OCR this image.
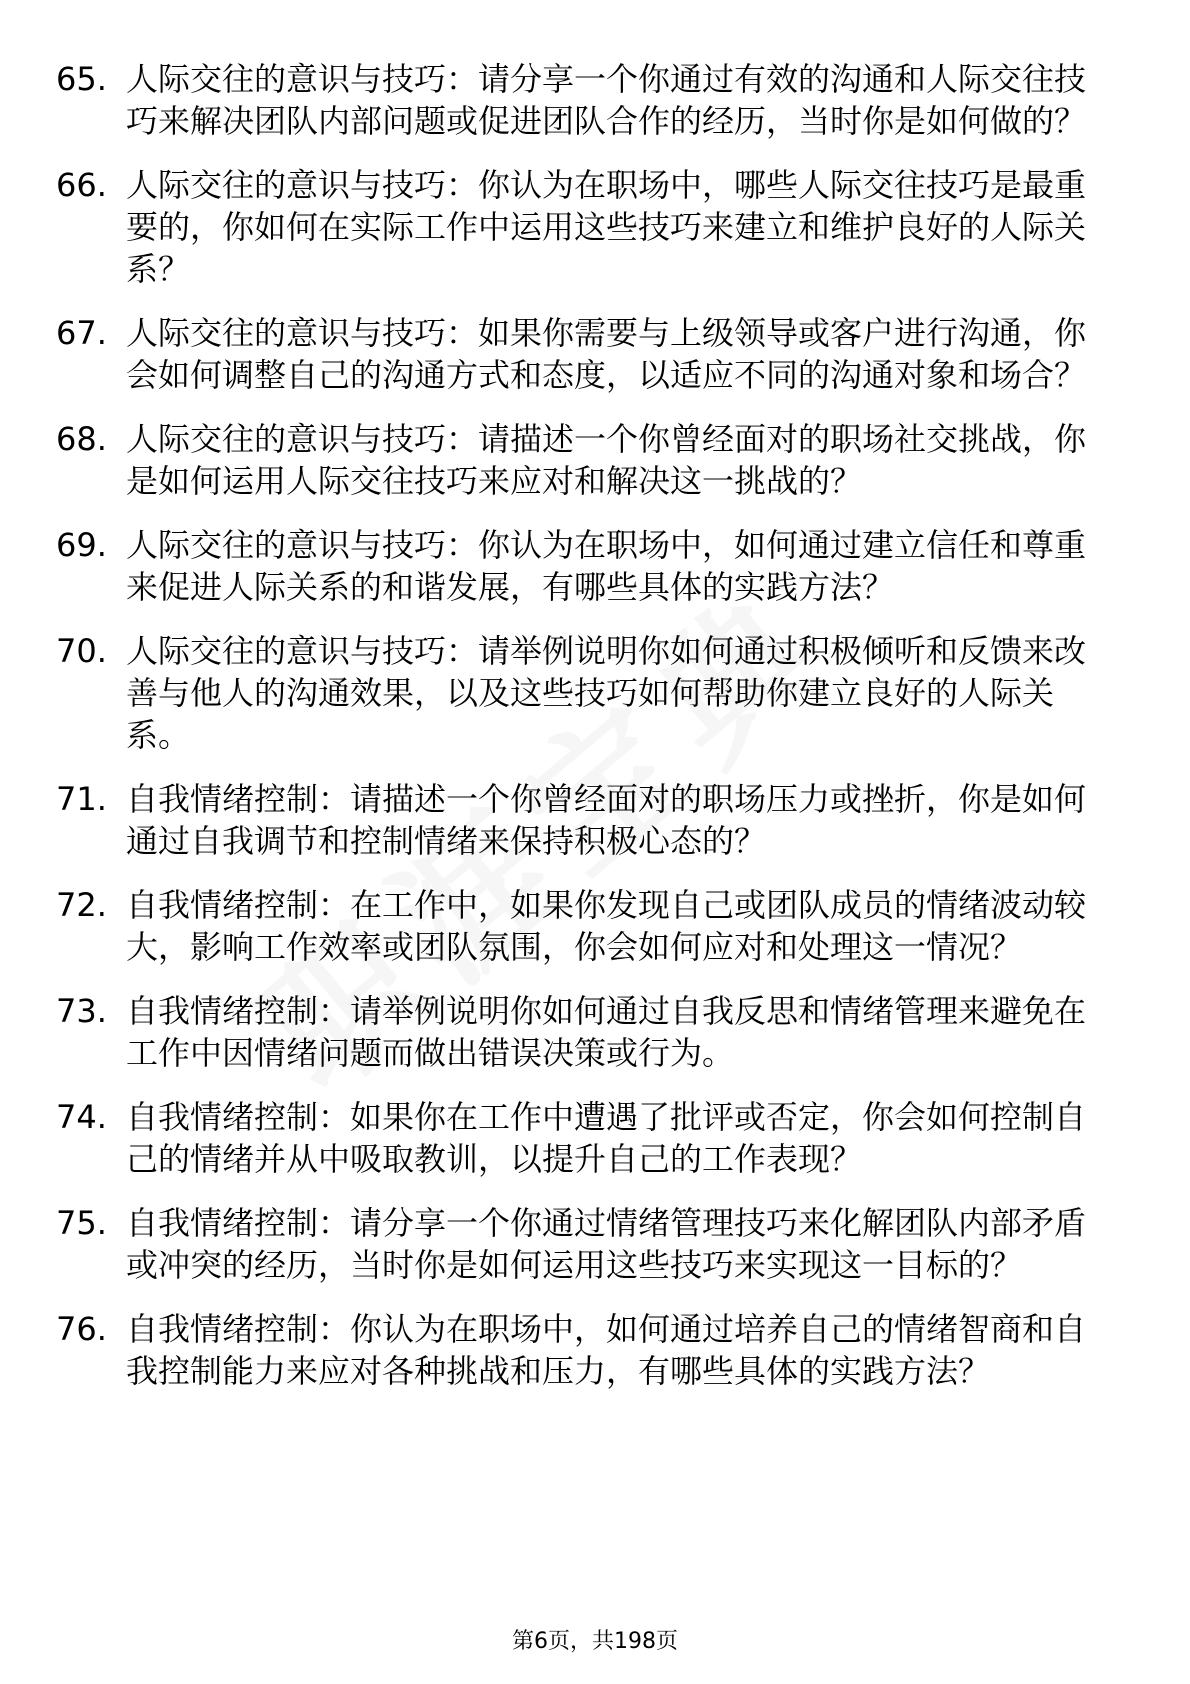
65. 人际交往的意识与技巧：请分享一个你通过有效的沟通和人际交往技巧来解决团队内部问题或促进团队合作的经历，当时你是如何做的？
66. 人际交往的意识与技巧：你认为在职场中，哪些人际交往技巧是最重要的，你如何在实际工作中运用这些技巧来建立和维护良好的人际关系？
67. 人际交往的意识与技巧：如果你需要与上级领导或客户进行沟通，你会如何调整自己的沟通方式和态度，以适应不同的沟通对象和场合？
68. 人际交往的意识与技巧：请描述一个你曾经面对的职场社交挑战，你是如何运用人际交往技巧来应对和解决这一挑战的？
69. 人际交往的意识与技巧：你认为在职场中，如何通过建立信任和尊重来促进人际关系的和谐发展，有哪些具体的实践方法？
70. 人际交往的意识与技巧：请举例说明你如何通过积极倾听和反馈来改善与他人的沟通效果，以及这些技巧如何帮助你建立良好的人际关系。
71. 自我情绪控制：请描述一个你曾经面对的职场压力或挫折，你是如何通过自我调节和控制情绪来保持积极心态的？
72. 自我情绪控制：在工作中，如果你发现自己或团队成员的情绪波动较大，影响工作效率或团队氛围，你会如何应对和处理这一情况？
73. 自我情绪控制：请举例说明你如何通过自我反思和情绪管理来避免在工作中因情绪问题而做出错误决策或行为。
74. 自我情绪控制：如果你在工作中遭遇了批评或否定，你会如何控制自己的情绪并从中吸取教训，以提升自己的工作表现？
75. 自我情绪控制：请分享一个你通过情绪管理技巧来化解团队内部矛盾或冲突的经历，当时你是如何运用这些技巧来实现这一目标的？
76. 自我情绪控制：你认为在职场中，如何通过培养自己的情绪智商和自我控制能力来应对各种挑战和压力，有哪些具体的实践方法？
第6页，共198页
